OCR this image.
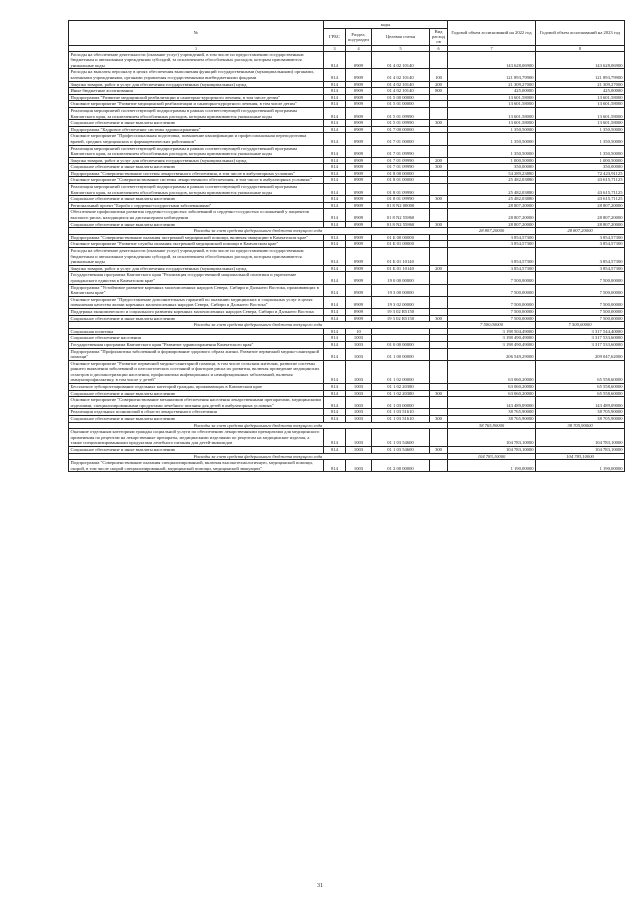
№	коды				Годовой объем ассигнований на 2022 год	Годовой объем ассигнований на 2023 год
	ГРБС	Раздел, под-раздел	Целевая статья	Вид расходов		
1	3	4	5	6	7	8
Расходы на обеспечение деятельности (оказание услуг) учреждений, в том числе по предоставлению государственным бюджетным и автономным учреждениям субсидий, за исключением обособленных расходов, которым присваиваются уникальные коды	814	0909	01 4 02 10140		143 628,06900	143 628,06900
Расходы на выплаты персоналу в целях обеспечения выполнения функций государственными (муниципальными) органами, казенными учреждениями, органами управления государственными внебюджетными фондами	814	0909	01 4 02 10140	100	121 893,79900	121 893,79900
Закупка товаров, работ и услуг для обеспечения государственных (муниципальных) нужд	814	0909	01 4 02 10140	200	21 309,27000	21 309,27000
Иные бюджетные ассигнования	814	0909	01 4 02 10140	800	425,00000	425,00000
Подпрограмма "Развитие медицинской реабилитации и санаторно-курортного лечения, в том числе детям"	814	0909	01 5 00 00000		13 601,58000	13 601,58000
Основное мероприятие "Развитие медицинской реабилитации и санаторно-курортного лечения, в том числе детям"	814	0909	01 5 01 00000		13 601,58000	13 601,58000
Реализация мероприятий соответствующей подпрограммы в рамках соответствующей государственной программы Камчатского края, за исключением обособленных расходов, которым присваиваются уникальные коды	814	0909	01 5 01 09990		13 601,58000	13 601,58000
Социальное обеспечение и иные выплаты населению	814	0909	01 5 01 09990	300	13 601,58000	13 601,58000
Подпрограмма "Кадровое обеспечение системы здравоохранения"	814	0909	01 7 00 00000		1 350,50000	1 350,50000
Основное мероприятие "Профессиональная подготовка, повышение квалификации и профессиональная переподготовка врачей, средних медицинских и фармацевтических работников"	814	0909	01 7 01 00000		1 350,50000	1 350,50000
Реализация мероприятий соответствующей подпрограммы в рамках соответствующей государственной программы Камчатского края, за исключением обособленных расходов, которым присваиваются уникальные коды	814	0909	01 7 01 09990		1 350,50000	1 350,50000
Закупка товаров, работ и услуг для обеспечения государственных (муниципальных) нужд	814	0909	01 7 01 09990	200	1 000,50000	1 000,50000
Социальное обеспечение и иные выплаты населению	814	0909	01 7 01 09990	300	350,00000	350,00000
Подпрограмма "Совершенствование системы лекарственного обеспечения, в том числе в амбулаторных условиях"	814	0909	01 8 00 00000		54 289,23880	72 423,91125
Основное мероприятие "Совершенствование системы лекарственного обеспечения, в том числе в амбулаторных условиях"	814	0909	01 8 01 00000		25 482,03880	43 615,71125
Реализация мероприятий соответствующей подпрограммы в рамках соответствующей государственной программы Камчатского края, за исключением обособленных расходов, которым присваиваются уникальные коды	814	0909	01 8 01 09990		25 482,03880	43 615,71125
Социальное обеспечение и иные выплаты населению	814	0909	01 8 01 09990	300	25 482,03880	43 615,71125
Региональный проект "Борьба с сердечно-сосудистыми заболеваниями"	814	0909	01 8 N2 00000		28 807,20000	28 807,20000
Обеспечение профилактики развития сердечно-сосудистых заболеваний и сердечно-сосудистых осложнений у пациентов высокого риска, находящихся на диспансерном наблюдении	814	0909	01 8 N2 55860		28 807,20000	28 807,20000
Социальное обеспечение и иные выплаты населению	814	0909	01 8 N2 55860	300	28 807,20000	28 807,20000
Расходы за счет средств федерального бюджета текущего года					28 807,20000	28 807,20000
Подпрограмма "Совершенствование оказания экстренной медицинской помощи, включая эвакуацию в Камчатском крае"	814	0909	01 Б 00 00000		3 854,57300	3 854,57300
Основное мероприятие "Развитие службы оказания экстренной медицинской помощи в Камчатском крае"	814	0909	01 Б 01 00000		3 854,57300	3 854,57300
Расходы на обеспечение деятельности (оказание услуг) учреждений, в том числе по предоставлению государственным бюджетным и автономным учреждениям субсидий, за исключением обособленных расходов, которым присваиваются уникальные коды	814	0909	01 Б 01 10140		3 854,57300	3 854,57300
Закупка товаров, работ и услуг для обеспечения государственных (муниципальных) нужд	814	0909	01 Б 01 10140	200	3 854,57300	3 854,57300
Государственная программа Камчатского края "Реализация государственной национальной политики и укрепление гражданского единства в Камчатском крае"	814	0909	19 0 00 00000		7 500,00000	7 500,00000
Подпрограмма "Устойчивое развитие коренных малочисленных народов Севера, Сибири и Дальнего Востока, проживающих в Камчатском крае"	814	0909	19 3 00 00000		7 500,00000	7 500,00000
Основное мероприятие "Предоставление дополнительных гарантий по оказанию медицинских и социальных услуг в целях повышения качества жизни коренных малочисленных народов Севера, Сибири и Дальнего Востока"	814	0909	19 3 02 00000		7 500,00000	7 500,00000
Поддержка экономического и социального развития коренных малочисленных народов Севера, Сибири и Дальнего Востока	814	0909	19 3 02 R5150		7 500,00000	7 500,00000
Социальное обеспечение и иные выплаты населению	814	0909	19 3 02 R5150	300	7 500,00000	7 500,00000
Расходы за счет средств федерального бюджета текущего года					7 500,00000	7 500,00000
Социальная политика	814	10			3 198 504,49000	3 317 544,40000
Социальное обеспечение населения	814	1003			3 198 490,49000	3 317 533,60000
Государственная программа Камчатского края "Развитие здравоохранения Камчатского края"	814	1003	01 0 00 00000		3 198 490,49000	3 317 533,60000
Подпрограмма "Профилактика заболеваний и формирование здорового образа жизни. Развитие первичной медико-санитарной помощи"	814	1003	01 1 00 00000		206 549,29000	209 047,62000
Основное мероприятие "Развитие первичной медико-санитарной помощи, в том числе сельским жителям, развитие системы раннего выявления заболеваний и патологических состояний и факторов риска их развития, включая проведение медицинских осмотров и диспансеризации населения, профилактика инфекционных и неинфекционных заболеваний, включая иммунопрофилактику, в том числе у детей"	814	1003	01 1 02 00000		63 060,20000	65 558,60000
Бесплатное зубопротезирование отдельных категорий граждан, проживающих в Камчатском крае	814	1003	01 1 02 20380		63 060,20000	65 558,60000
Социальное обеспечение и иные выплаты населению	814	1003	01 1 02 20380	300	63 060,20000	65 558,60000
Основное мероприятие "Совершенствование механизмов обеспечения населения лекарственными препаратами, медицинскими изделиями, специализированными продуктами лечебного питания для детей в амбулаторных условиях"	814	1003	01 1 03 00000		143 489,09000	143 489,09000
Реализация отдельных полномочий в области лекарственного обеспечения	814	1003	01 1 03 51610		38 765,90000	38 705,90000
Социальное обеспечение и иные выплаты населению	814	1003	01 1 03 51610	300	38 765,90000	38 705,90000
Расходы за счет средств федерального бюджета текущего года					38 765,90000	38 705,90000
Оказание отдельным категориям граждан социальной услуги по обеспечению лекарственными препаратами для медицинского применения по рецептам на лекарственные препараты, медицинскими изделиями по рецептам на медицинские изделия, а также специализированными продуктами лечебного питания для детей-инвалидов	814	1003	01 1 03 54600		104 783,10000	104 783,10000
Социальное обеспечение и иные выплаты населению	814	1003	01 1 03 54600	300	104 783,10000	104 783,10000
Расходы за счет средств федерального бюджета текущего года					104 783,10000	104 783,10000
Подпрограмма "Совершенствование оказания специализированной, включая высокотехнологичную, медицинской помощи, скорой, в том числе скорой специализированной, медицинской помощи, медицинской эвакуации"	814	1003	01 2 00 00000		1 190,00000	1 190,00000
31
